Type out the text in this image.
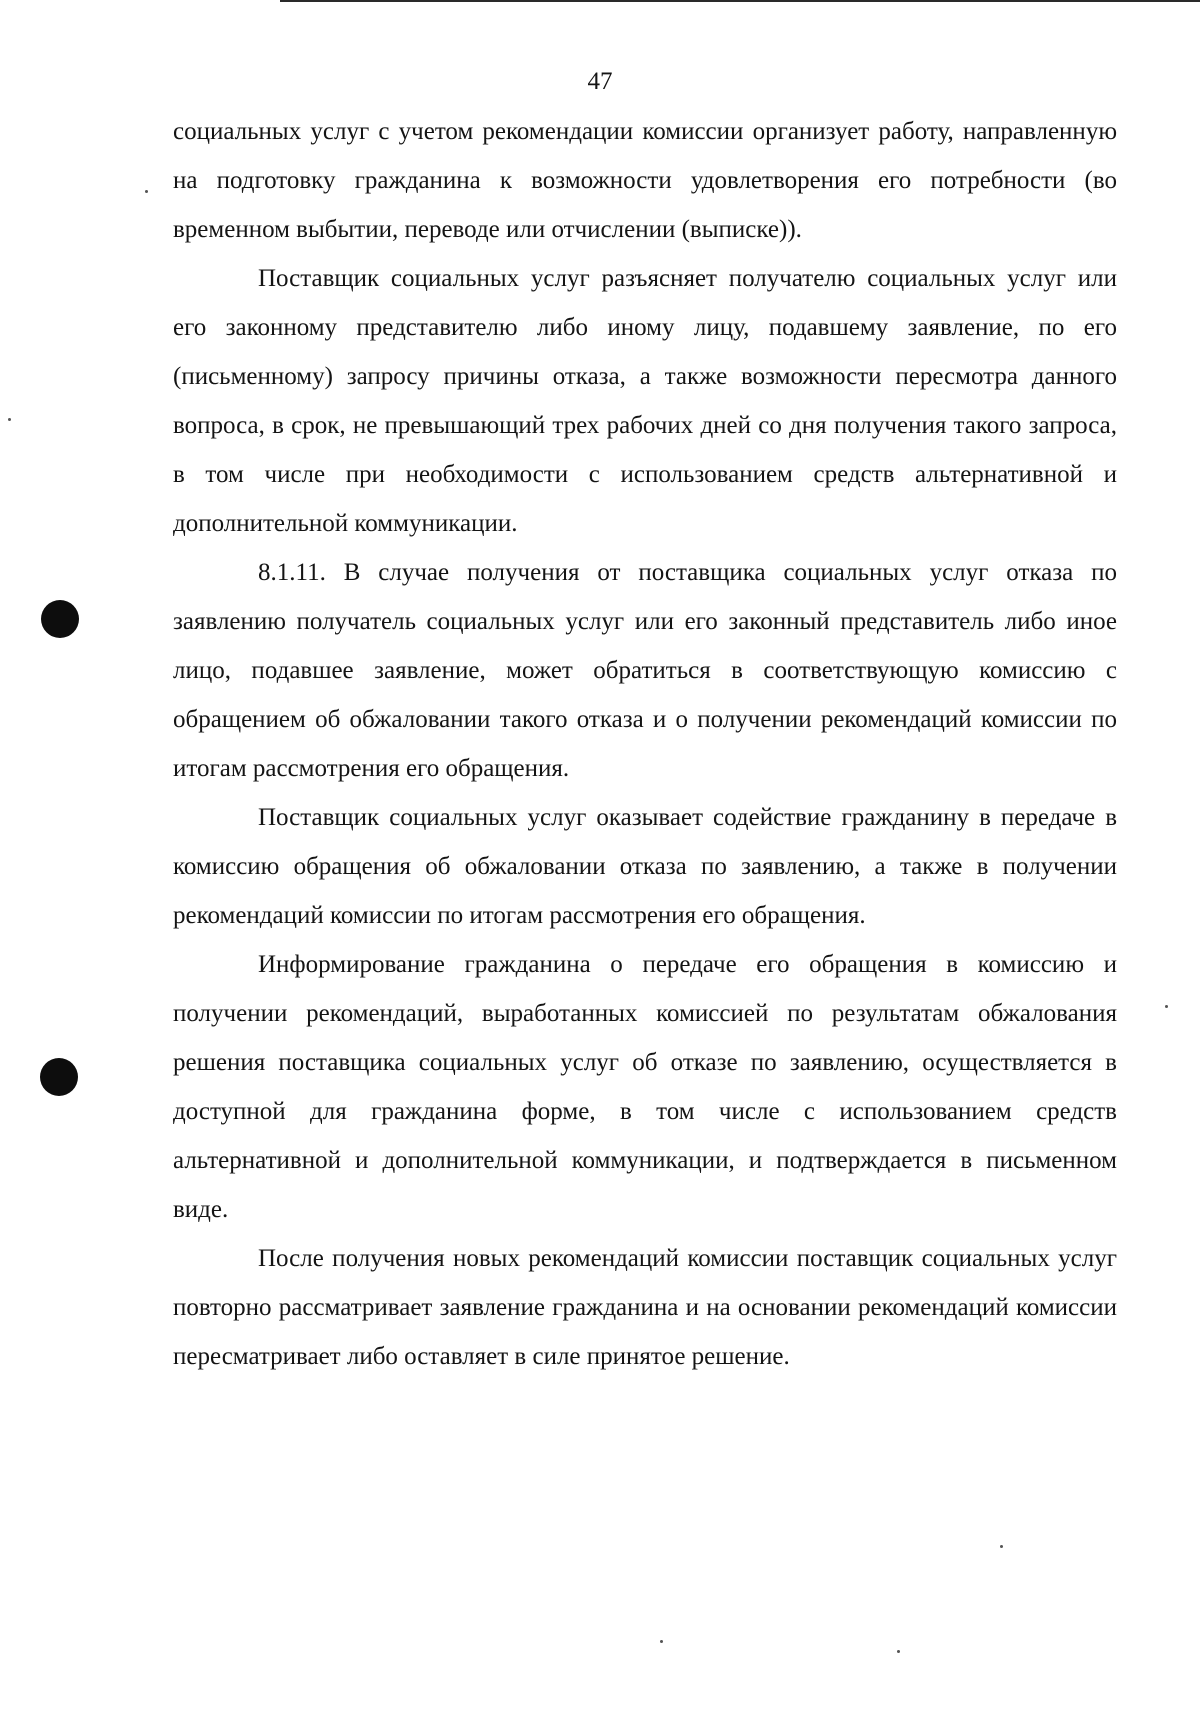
47

социальных услуг с учетом рекомендации комиссии организует работу, направленную на подготовку гражданина к возможности удовлетворения его потребности (во временном выбытии, переводе или отчислении (выписке)).

Поставщик социальных услуг разъясняет получателю социальных услуг или его законному представителю либо иному лицу, подавшему заявление, по его (письменному) запросу причины отказа, а также возможности пересмотра данного вопроса, в срок, не превышающий трех рабочих дней со дня получения такого запроса, в том числе при необходимости с использованием средств альтернативной и дополнительной коммуникации.

8.1.11. В случае получения от поставщика социальных услуг отказа по заявлению получатель социальных услуг или его законный представитель либо иное лицо, подавшее заявление, может обратиться в соответствующую комиссию с обращением об обжаловании такого отказа и о получении рекомендаций комиссии по итогам рассмотрения его обращения.

Поставщик социальных услуг оказывает содействие гражданину в передаче в комиссию обращения об обжаловании отказа по заявлению, а также в получении рекомендаций комиссии по итогам рассмотрения его обращения.

Информирование гражданина о передаче его обращения в комиссию и получении рекомендаций, выработанных комиссией по результатам обжалования решения поставщика социальных услуг об отказе по заявлению, осуществляется в доступной для гражданина форме, в том числе с использованием средств альтернативной и дополнительной коммуникации, и подтверждается в письменном виде.

После получения новых рекомендаций комиссии поставщик социальных услуг повторно рассматривает заявление гражданина и на основании рекомендаций комиссии пересматривает либо оставляет в силе принятое решение.
